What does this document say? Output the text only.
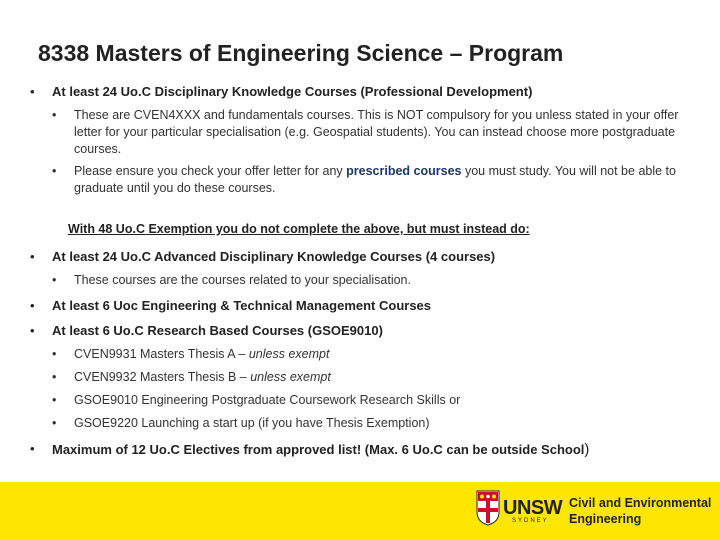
8338 Masters of Engineering Science – Program
• At least 24 Uo.C Disciplinary Knowledge Courses (Professional Development)
• These are CVEN4XXX and fundamentals courses. This is NOT compulsory for you unless stated in your offer letter for your particular specialisation (e.g. Geospatial students). You can instead choose more postgraduate courses.
• Please ensure you check your offer letter for any prescribed courses you must study. You will not be able to graduate until you do these courses.
With 48 Uo.C Exemption you do not complete the above, but must instead do:
• At least 24 Uo.C Advanced Disciplinary Knowledge Courses (4 courses)
• These courses are the courses related to your specialisation.
• At least 6 Uoc Engineering & Technical Management Courses
• At least 6 Uo.C Research Based Courses (GSOE9010)
• CVEN9931 Masters Thesis A – unless exempt
• CVEN9932 Masters Thesis B – unless exempt
• GSOE9010 Engineering Postgraduate Coursework Research Skills or
• GSOE9220 Launching a start up (if you have Thesis Exemption)
• Maximum of 12 Uo.C Electives from approved list! (Max. 6 Uo.C can be outside School)
UNSW
SYDNEY
Civil and Environmental
Engineering
